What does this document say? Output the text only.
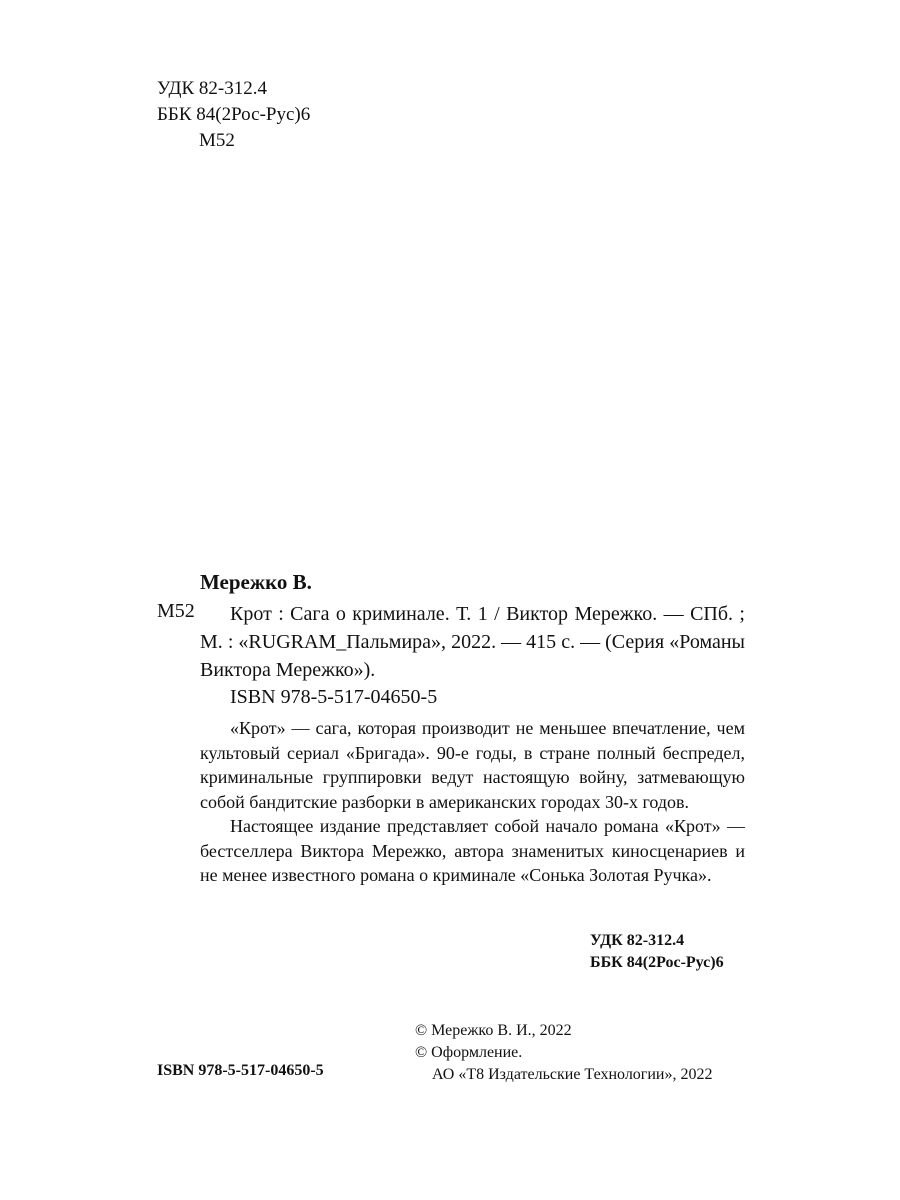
УДК 82-312.4
ББК 84(2Рос-Рус)6
М52
Мережко В.
М52	Крот : Сага о криминале. Т. 1 / Виктор Мережко. — СПб. ; М. : «RUGRAM_Пальмира», 2022. — 415 с. — (Серия «Романы Виктора Мережко»).
ISBN 978-5-517-04650-5

«Крот» — сага, которая производит не меньшее впечатление, чем культовый сериал «Бригада». 90-е годы, в стране полный беспредел, криминальные группировки ведут настоящую войну, затмевающую собой бандитские разборки в американских городах 30-х годов.

Настоящее издание представляет собой начало романа «Крот» — бестселлера Виктора Мережко, автора знаменитых киносценариев и не менее известного романа о криминале «Сонька Золотая Ручка».

УДК 82-312.4
ББК 84(2Рос-Рус)6
© Мережко В. И., 2022
© Оформление.
АО «Т8 Издательские Технологии», 2022
ISBN 978-5-517-04650-5
